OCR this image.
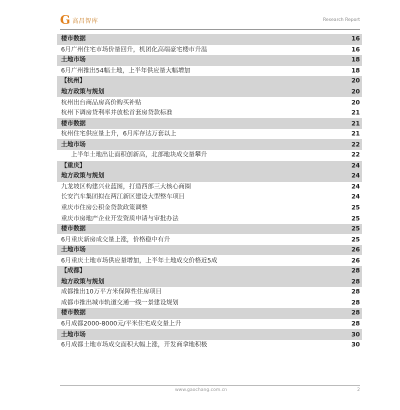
G 高昌智库	Research Report
楼市数据	16
6月广州住宅市场价量回升，机团化高端豪宅楼市升温	16
土地市场	18
6月广州推出54幅土地，上半年供应量大幅增加	18
【杭州】	20
地方政策与规划	20
杭州出台商品房高价购买补贴	20
杭州下调房贷利率并放松首套房贷款标准	21
楼市数据	21
杭州住宅供应量上升，6月库存达万套以上	21
土地市场	22
上半年土地出让面积创新高，北部地块成交量攀升	22
【重庆】	24
地方政策与规划	24
九龙坡区构建兴业蓝图，打造西部三大核心商圈	24
长安汽车集团拟在两江新区建设大型整车项目	24
重庆市住房公积金贷款政策调整	25
重庆市房地产企业开发资质申请与审批办法	25
楼市数据	25
6月重庆新房成交量上涨，价格稳中有升	25
土地市场	26
6月重庆土地市场供应量增加，上半年土地成交价格近5成	26
【成都】	28
地方政策与规划	28
成都推出10万平方米保障性住房项目	28
成都市推出城市轨道交通一线一景建设规划	28
楼市数据	28
6月成都2000-8000元/平米住宅成交量上升	28
土地市场	30
6月成都土地市场成交面积大幅上涨，开发商拿地积极	30
www.gaochang.com.cn	2
